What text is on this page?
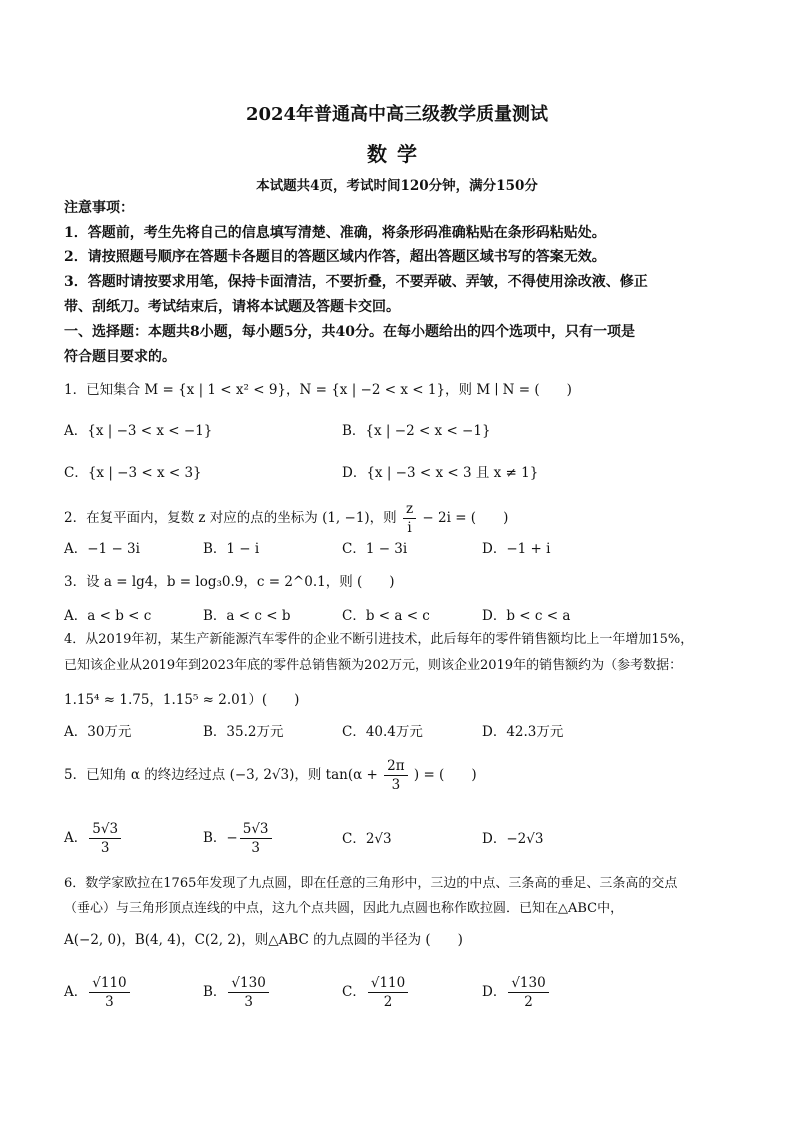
2024年普通高中高三级教学质量测试
数学
本试题共4页，考试时间120分钟，满分150分
注意事项：
1．答题前，考生先将自己的信息填写清楚、准确，将条形码准确粘贴在条形码粘贴处。
2．请按照题号顺序在答题卡各题目的答题区域内作答，超出答题区域书写的答案无效。
3．答题时请按要求用笔，保持卡面清洁，不要折叠，不要弄破、弄皱，不得使用涂改液、修正
带、刮纸刀。考试结束后，请将本试题及答题卡交回。
一、选择题：本题共8小题，每小题5分，共40分。在每小题给出的四个选项中，只有一项是
符合题目要求的。
1．已知集合 M = {x | 1 < x² < 9}，N = {x | −2 < x < 1}，则 M ∣ N = (　　)
A．{x | −3 < x < −1}	B．{x | −2 < x < −1}
C．{x | −3 < x < 3}	D．{x | −3 < x < 3 且 x ≠ 1}
2．在复平面内，复数 z 对应的点的坐标为 (1, −1)，则 $\frac{z}{i} - 2i$ = (　　)
A．−1 − 3i	B．1 − i	C．1 − 3i	D．−1 + i
3．设 a = lg4，b = log₃0.9，c = 2^0.1，则 (　　)
A．a < b < c	B．a < c < b	C．b < a < c	D．b < c < a
4．从2019年初，某生产新能源汽车零件的企业不断引进技术，此后每年的零件销售额均比上一年增加15%，
已知该企业从2019年到2023年底的零件总销售额为202万元，则该企业2019年的销售额约为（参考数据：
1.15⁴ ≈ 1.75，1.15⁵ ≈ 2.01）(　　)
A．30万元	B．35.2万元	C．40.4万元	D．42.3万元
5．已知角 α 的终边经过点 (−3, 2√3)，则 $\tan(\alpha + \frac{2\pi}{3}$ ) = (　　)
A． $\frac{5√3}{3}$	B．− $\frac{5√3}{3}$	C．2√3	D．−2√3
6．数学家欧拉在1765年发现了九点圆，即在任意的三角形中，三边的中点、三条高的垂足、三条高的交点
（垂心）与三角形顶点连线的中点，这九个点共圆，因此九点圆也称作欧拉圆．已知在△ABC中，
A(−2, 0)，B(4, 4)，C(2, 2)，则△ABC 的九点圆的半径为 (　　)
A． $\frac{√110}{3}$	B． $\frac{√130}{3}$	C． $\frac{√110}{2}$	D． $\frac{√130}{2}$
